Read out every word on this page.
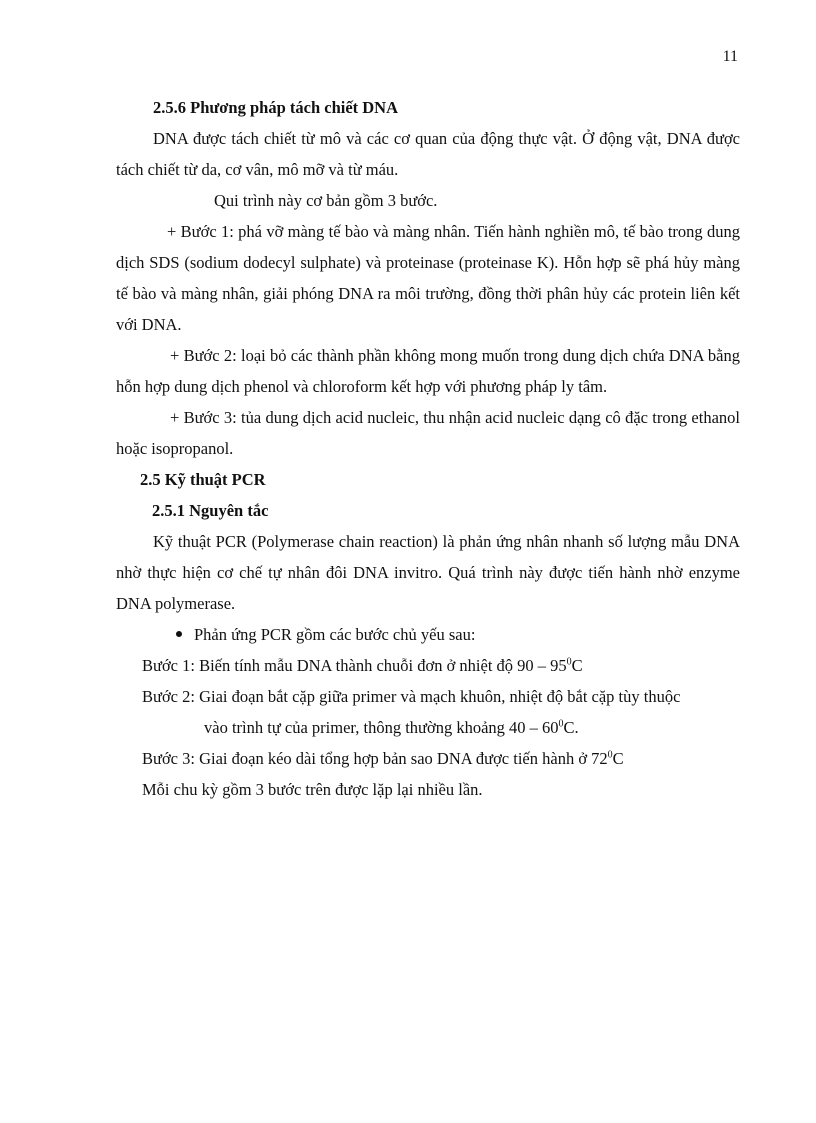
11

2.5.6 Phương pháp tách chiết DNA

DNA được tách chiết từ mô và các cơ quan của động thực vật. Ở động vật, DNA được tách chiết từ da, cơ vân, mô mỡ và từ máu.

Qui trình này cơ bản gồm 3 bước.

+ Bước 1: phá vỡ màng tế bào và màng nhân. Tiến hành nghiền mô, tế bào trong dung dịch SDS (sodium dodecyl sulphate) và proteinase (proteinase K). Hỗn hợp sẽ phá hủy màng tế bào và màng nhân, giải phóng DNA ra môi trường, đồng thời phân hủy các protein liên kết với DNA.

+ Bước 2: loại bỏ các thành phần không mong muốn trong dung dịch chứa DNA bằng hỗn hợp dung dịch phenol và chloroform kết hợp với phương pháp ly tâm.

+ Bước 3: tủa dung dịch acid nucleic, thu nhận acid nucleic dạng cô đặc trong ethanol hoặc isopropanol.

2.5 Kỹ thuật PCR

2.5.1 Nguyên tắc

Kỹ thuật PCR (Polymerase chain reaction) là phản ứng nhân nhanh số lượng mẫu DNA nhờ thực hiện cơ chế tự nhân đôi DNA invitro. Quá trình này được tiến hành nhờ enzyme DNA polymerase.

Phản ứng PCR gồm các bước chủ yếu sau:

Bước 1: Biến tính mẫu DNA thành chuỗi đơn ở nhiệt độ $90 - 95^0C$

Bước 2: Giai đoạn bắt cặp giữa primer và mạch khuôn, nhiệt độ bắt cặp tùy thuộc

vào trình tự của primer, thông thường khoảng $40 - 60^0C$.

Bước 3: Giai đoạn kéo dài tổng hợp bản sao DNA được tiến hành ở $72^0C$

Mỗi chu kỳ gồm 3 bước trên được lặp lại nhiều lần.
